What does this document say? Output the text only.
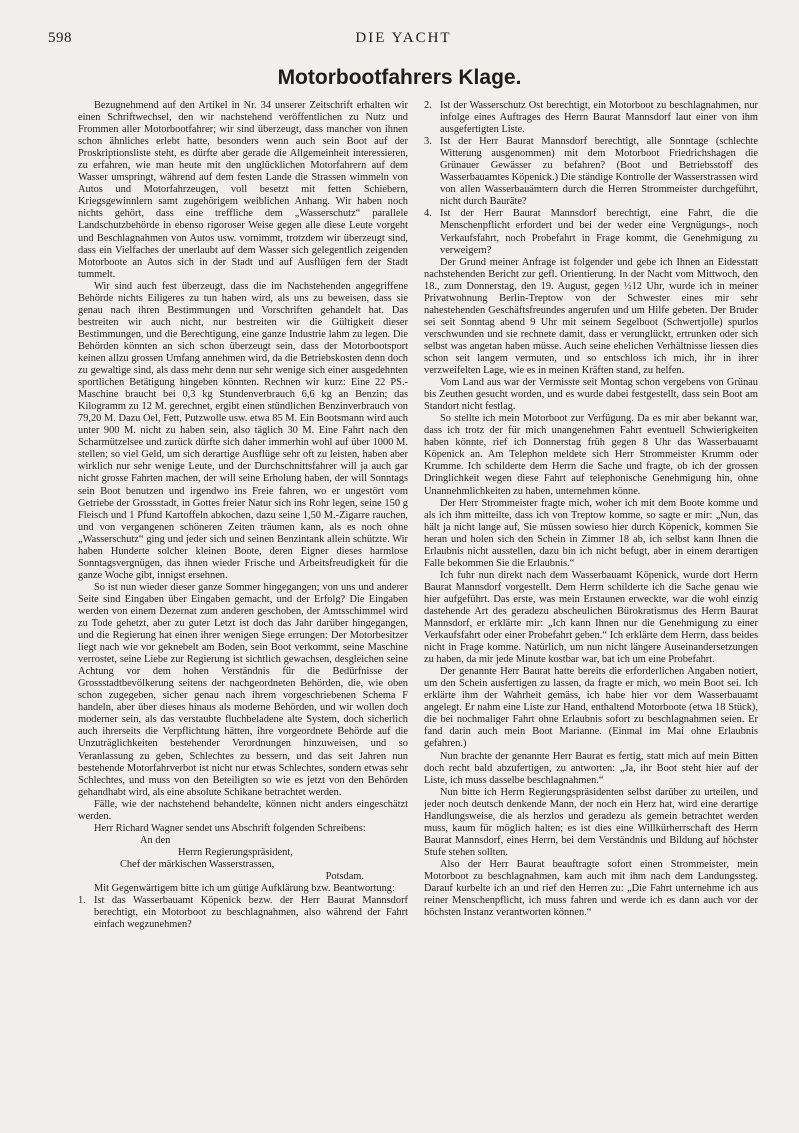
598	DIE YACHT
Motorbootfahrers Klage.

Bezugnehmend auf den Artikel in Nr. 34 unserer Zeitschrift erhalten wir einen Schriftwechsel, den wir nachstehend veröffentlichen zu Nutz und Frommen aller Motorbootfahrer; wir sind überzeugt, dass mancher von ihnen schon ähnliches erlebt hatte, besonders wenn auch sein Boot auf der Proskriptionsliste steht, es dürfte aber gerade die Allgemeinheit interessieren, zu erfahren, wie man heute mit den unglücklichen Motorfahrern auf dem Wasser umspringt, während auf dem festen Lande die Strassen wimmeln von Autos und Motorfahrzeugen, voll besetzt mit fetten Schiebern, Kriegsgewinnlern samt zugehörigem weiblichen Anhang. Wir haben noch nichts gehört, dass eine treffliche dem „Wasserschutz“ parallele Landschutzbehörde in ebenso rigoroser Weise gegen alle diese Leute vorgeht und Beschlagnahmen von Autos usw. vornimmt, trotzdem wir überzeugt sind, dass ein Vielfaches der unerlaubt auf dem Wasser sich gelegentlich zeigenden Motorboote an Autos sich in der Stadt und auf Ausflügen fern der Stadt tummelt.

Wir sind auch fest überzeugt, dass die im Nachstehenden angegriffene Behörde nichts Eiligeres zu tun haben wird, als uns zu beweisen, dass sie genau nach ihren Bestimmungen und Vorschriften gehandelt hat. Das bestreiten wir auch nicht, nur bestreiten wir die Gültigkeit dieser Bestimmungen, und die Berechtigung, eine ganze Industrie lahm zu legen. Die Behörden könnten an sich schon überzeugt sein, dass der Motorbootsport keinen allzu grossen Umfang annehmen wird, da die Betriebskosten denn doch zu gewaltige sind, als dass mehr denn nur sehr wenige sich einer ausgedehnten sportlichen Betätigung hingeben könnten. Rechnen wir kurz: Eine 22 PS.-Maschine braucht bei 0,3 kg Stundenverbrauch 6,6 kg an Benzin; das Kilogramm zu 12 M. gerechnet, ergibt einen stündlichen Benzinverbrauch von 79,20 M. Dazu Oel, Fett, Putzwolle usw. etwa 85 M. Ein Bootsmann wird auch unter 900 M. nicht zu haben sein, also täglich 30 M. Eine Fahrt nach den Scharmützelsee und zurück dürfte sich daher immerhin wohl auf über 1000 M. stellen; so viel Geld, um sich derartige Ausflüge sehr oft zu leisten, haben aber wirklich nur sehr wenige Leute, und der Durchschnittsfahrer will ja auch gar nicht grosse Fahrten machen, der will seine Erholung haben, der will Sonntags sein Boot benutzen und irgendwo ins Freie fahren, wo er ungestört vom Getriebe der Grossstadt, in Gottes freier Natur sich ins Rohr legen, seine 150 g Fleisch und 1 Pfund Kartoffeln abkochen, dazu seine 1,50 M.-Zigarre rauchen, und von vergangenen schöneren Zeiten träumen kann, als es noch ohne „Wasserschutz“ ging und jeder sich und seinen Benzintank allein schützte. Wir haben Hunderte solcher kleinen Boote, deren Eigner dieses harmlose Sonntagsvergnügen, das ihnen wieder Frische und Arbeitsfreudigkeit für die ganze Woche gibt, innigst ersehnen.

So ist nun wieder dieser ganze Sommer hingegangen; von uns und anderer Seite sind Eingaben über Eingaben gemacht, und der Erfolg? Die Eingaben werden von einem Dezernat zum anderen geschoben, der Amtsschimmel wird zu Tode gehetzt, aber zu guter Letzt ist doch das Jahr darüber hingegangen, und die Regierung hat einen ihrer wenigen Siege errungen: Der Motorbesitzer liegt nach wie vor geknebelt am Boden, sein Boot verkommt, seine Maschine verrostet, seine Liebe zur Regierung ist sichtlich gewachsen, desgleichen seine Achtung vor dem hohen Verständnis für die Bedürfnisse der Grossstadtbevölkerung seitens der nachgeordneten Behörden, die, wie oben schon zugegeben, sicher genau nach ihrem vorgeschriebenen Schema F handeln, aber über dieses hinaus als moderne Behörden, und wir wollen doch moderner sein, als das verstaubte fluchbeladene alte System, doch sicherlich auch ihrerseits die Verpflichtung hätten, ihre vorgeordnete Behörde auf die Unzuträglichkeiten bestehender Verordnungen hinzuweisen, und so Veranlassung zu geben, Schlechtes zu bessern, und das seit Jahren nun bestehende Motorfahrverbot ist nicht nur etwas Schlechtes, sondern etwas sehr Schlechtes, und muss von den Beteiligten so wie es jetzt von den Behörden gehandhabt wird, als eine absolute Schikane betrachtet werden.

Fälle, wie der nachstehend behandelte, können nicht anders eingeschätzt werden.

Herr Richard Wagner sendet uns Abschrift folgenden Schreibens:

An den
Herrn Regierungspräsident,
Chef der märkischen Wasserstrassen,
Potsdam.

Mit Gegenwärtigem bitte ich um gütige Aufklärung bzw. Beantwortung:

1. Ist das Wasserbauamt Köpenick bezw. der Herr Baurat Mannsdorf berechtigt, ein Motorboot zu beschlagnahmen, also während der Fahrt einfach wegzunehmen?
2. Ist der Wasserschutz Ost berechtigt, ein Motorboot zu beschlagnahmen, nur infolge eines Auftrages des Herrn Baurat Mannsdorf laut einer von ihm ausgefertigten Liste.
3. Ist der Herr Baurat Mannsdorf berechtigt, alle Sonntage (schlechte Witterung ausgenommen) mit dem Motorboot Friedrichshagen die Grünauer Gewässer zu befahren? (Boot und Betriebsstoff des Wasserbauamtes Köpenick.) Die ständige Kontrolle der Wasserstrassen wird von allen Wasserbauämtern durch die Herren Strommeister durchgeführt, nicht durch Bauräte?
4. Ist der Herr Baurat Mannsdorf berechtigt, eine Fahrt, die die Menschenpflicht erfordert und bei der weder eine Vergnügungs-, noch Verkaufsfahrt, noch Probefahrt in Frage kommt, die Genehmigung zu verweigern?

Der Grund meiner Anfrage ist folgender und gebe ich Ihnen an Eidesstatt nachstehenden Bericht zur gefl. Orientierung. In der Nacht vom Mittwoch, den 18., zum Donnerstag, den 19. August, gegen ½12 Uhr, wurde ich in meiner Privatwohnung Berlin-Treptow von der Schwester eines mir sehr nahestehenden Geschäftsfreundes angerufen und um Hilfe gebeten. Der Bruder sei seit Sonntag abend 9 Uhr mit seinem Segelboot (Schwertjolle) spurlos verschwunden und sie rechnete damit, dass er verunglückt, ertrunken oder sich selbst was angetan haben müsse. Auch seine ehelichen Verhältnisse liessen dies schon seit langem vermuten, und so entschloss ich mich, ihr in ihrer verzweifelten Lage, wie es in meinen Kräften stand, zu helfen.

Vom Land aus war der Vermisste seit Montag schon vergebens von Grünau bis Zeuthen gesucht worden, und es wurde dabei festgestellt, dass sein Boot am Standort nicht festlag.

So stellte ich mein Motorboot zur Verfügung. Da es mir aber bekannt war, dass ich trotz der für mich unangenehmen Fahrt eventuell Schwierigkeiten haben könnte, rief ich Donnerstag früh gegen 8 Uhr das Wasserbauamt Köpenick an. Am Telephon meldete sich Herr Strommeister Krumm oder Krumme. Ich schilderte dem Herrn die Sache und fragte, ob ich der grossen Dringlichkeit wegen diese Fahrt auf telephonische Genehmigung hin, ohne Unannehmlichkeiten zu haben, unternehmen könne.

Der Herr Strommeister fragte mich, woher ich mit dem Boote komme und als ich ihm mitteilte, dass ich von Treptow komme, so sagte er mir: „Nun, das hält ja nicht lange auf, Sie müssen sowieso hier durch Köpenick, kommen Sie heran und holen sich den Schein in Zimmer 18 ab, ich selbst kann Ihnen die Erlaubnis nicht ausstellen, dazu bin ich nicht befugt, aber in einem derartigen Falle bekommen Sie die Erlaubnis.“

Ich fuhr nun direkt nach dem Wasserbauamt Köpenick, wurde dort Herrn Baurat Mannsdorf vorgestellt. Dem Herrn schilderte ich die Sache genau wie hier aufgeführt. Das erste, was mein Erstaunen erweckte, war die wohl einzig dastehende Art des geradezu abscheulichen Bürokratismus des Herrn Baurat Mannsdorf, er erklärte mir: „Ich kann Ihnen nur die Genehmigung zu einer Verkaufsfahrt oder einer Probefahrt geben.“ Ich erklärte dem Herrn, dass beides nicht in Frage komme. Natürlich, um nun nicht längere Auseinandersetzungen zu haben, da mir jede Minute kostbar war, bat ich um eine Probefahrt.

Der genannte Herr Baurat hatte bereits die erforderlichen Angaben notiert, um den Schein ausfertigen zu lassen, da fragte er mich, wo mein Boot sei. Ich erklärte ihm der Wahrheit gemäss, ich habe hier vor dem Wasserbauamt angelegt. Er nahm eine Liste zur Hand, enthaltend Motorboote (etwa 18 Stück), die bei nochmaliger Fahrt ohne Erlaubnis sofort zu beschlagnahmen seien. Er fand darin auch mein Boot Marianne. (Einmal im Mai ohne Erlaubnis gefahren.)

Nun brachte der genannte Herr Baurat es fertig, statt mich auf mein Bitten doch recht bald abzufertigen, zu antworten: „Ja, ihr Boot steht hier auf der Liste, ich muss dasselbe beschlagnahmen.“

Nun bitte ich Herrn Regierungspräsidenten selbst darüber zu urteilen, und jeder noch deutsch denkende Mann, der noch ein Herz hat, wird eine derartige Handlungsweise, die als herzlos und geradezu als gemein betrachtet werden muss, kaum für möglich halten; es ist dies eine Willkürherrschaft des Herrn Baurat Mannsdorf, eines Herrn, bei dem Verständnis und Bildung auf höchster Stufe stehen sollten.

Also der Herr Baurat beauftragte sofort einen Strommeister, mein Motorboot zu beschlagnahmen, kam auch mit ihm nach dem Landungssteg. Darauf kurbelte ich an und rief den Herren zu: „Die Fahrt unternehme ich aus reiner Menschenpflicht, ich muss fahren und werde ich es dann auch vor der höchsten Instanz verantworten können.“
